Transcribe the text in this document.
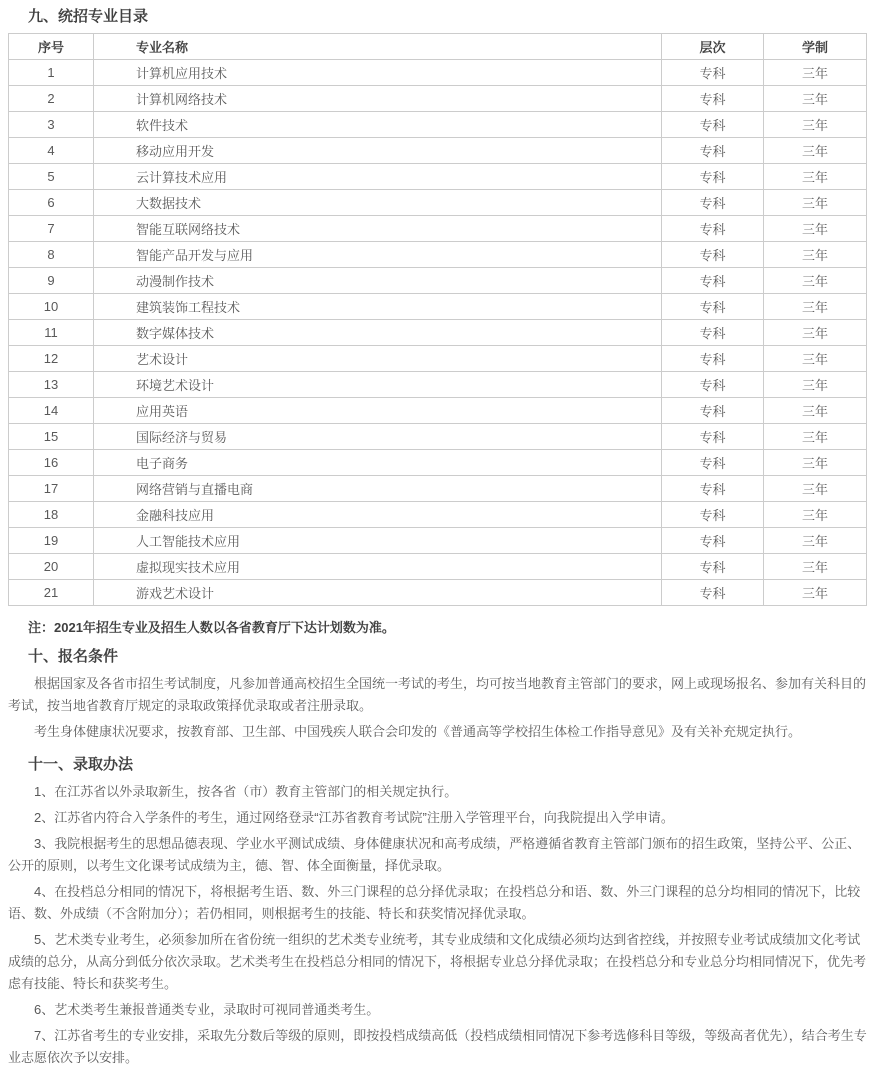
九、统招专业目录
序号	专业名称	层次	学制
1	计算机应用技术	专科	三年
2	计算机网络技术	专科	三年
3	软件技术	专科	三年
4	移动应用开发	专科	三年
5	云计算技术应用	专科	三年
6	大数据技术	专科	三年
7	智能互联网络技术	专科	三年
8	智能产品开发与应用	专科	三年
9	动漫制作技术	专科	三年
10	建筑装饰工程技术	专科	三年
11	数字媒体技术	专科	三年
12	艺术设计	专科	三年
13	环境艺术设计	专科	三年
14	应用英语	专科	三年
15	国际经济与贸易	专科	三年
16	电子商务	专科	三年
17	网络营销与直播电商	专科	三年
18	金融科技应用	专科	三年
19	人工智能技术应用	专科	三年
20	虚拟现实技术应用	专科	三年
21	游戏艺术设计	专科	三年

注：2021年招生专业及招生人数以各省教育厅下达计划数为准。

十、报名条件

根据国家及各省市招生考试制度，凡参加普通高校招生全国统一考试的考生，均可按当地教育主管部门的要求，网上或现场报名、参加有关科目的考试，按当地省教育厅规定的录取政策择优录取或者注册录取。

考生身体健康状况要求，按教育部、卫生部、中国残疾人联合会印发的《普通高等学校招生体检工作指导意见》及有关补充规定执行。

十一、录取办法

1、在江苏省以外录取新生，按各省（市）教育主管部门的相关规定执行。

2、江苏省内符合入学条件的考生，通过网络登录“江苏省教育考试院”注册入学管理平台，向我院提出入学申请。

3、我院根据考生的思想品德表现、学业水平测试成绩、身体健康状况和高考成绩，严格遵循省教育主管部门颁布的招生政策，坚持公平、公正、公开的原则，以考生文化课考试成绩为主，德、智、体全面衡量，择优录取。

4、在投档总分相同的情况下，将根据考生语、数、外三门课程的总分择优录取；在投档总分和语、数、外三门课程的总分均相同的情况下，比较语、数、外成绩（不含附加分）；若仍相同，则根据考生的技能、特长和获奖情况择优录取。

5、艺术类专业考生，必须参加所在省份统一组织的艺术类专业统考，其专业成绩和文化成绩必须均达到省控线，并按照专业考试成绩加文化考试成绩的总分，从高分到低分依次录取。艺术类考生在投档总分相同的情况下，将根据专业总分择优录取；在投档总分和专业总分均相同情况下，优先考虑有技能、特长和获奖考生。

6、艺术类考生兼报普通类专业，录取时可视同普通类考生。

7、江苏省考生的专业安排，采取先分数后等级的原则，即按投档成绩高低（投档成绩相同情况下参考选修科目等级，等级高者优先），结合考生专业志愿依次予以安排。
